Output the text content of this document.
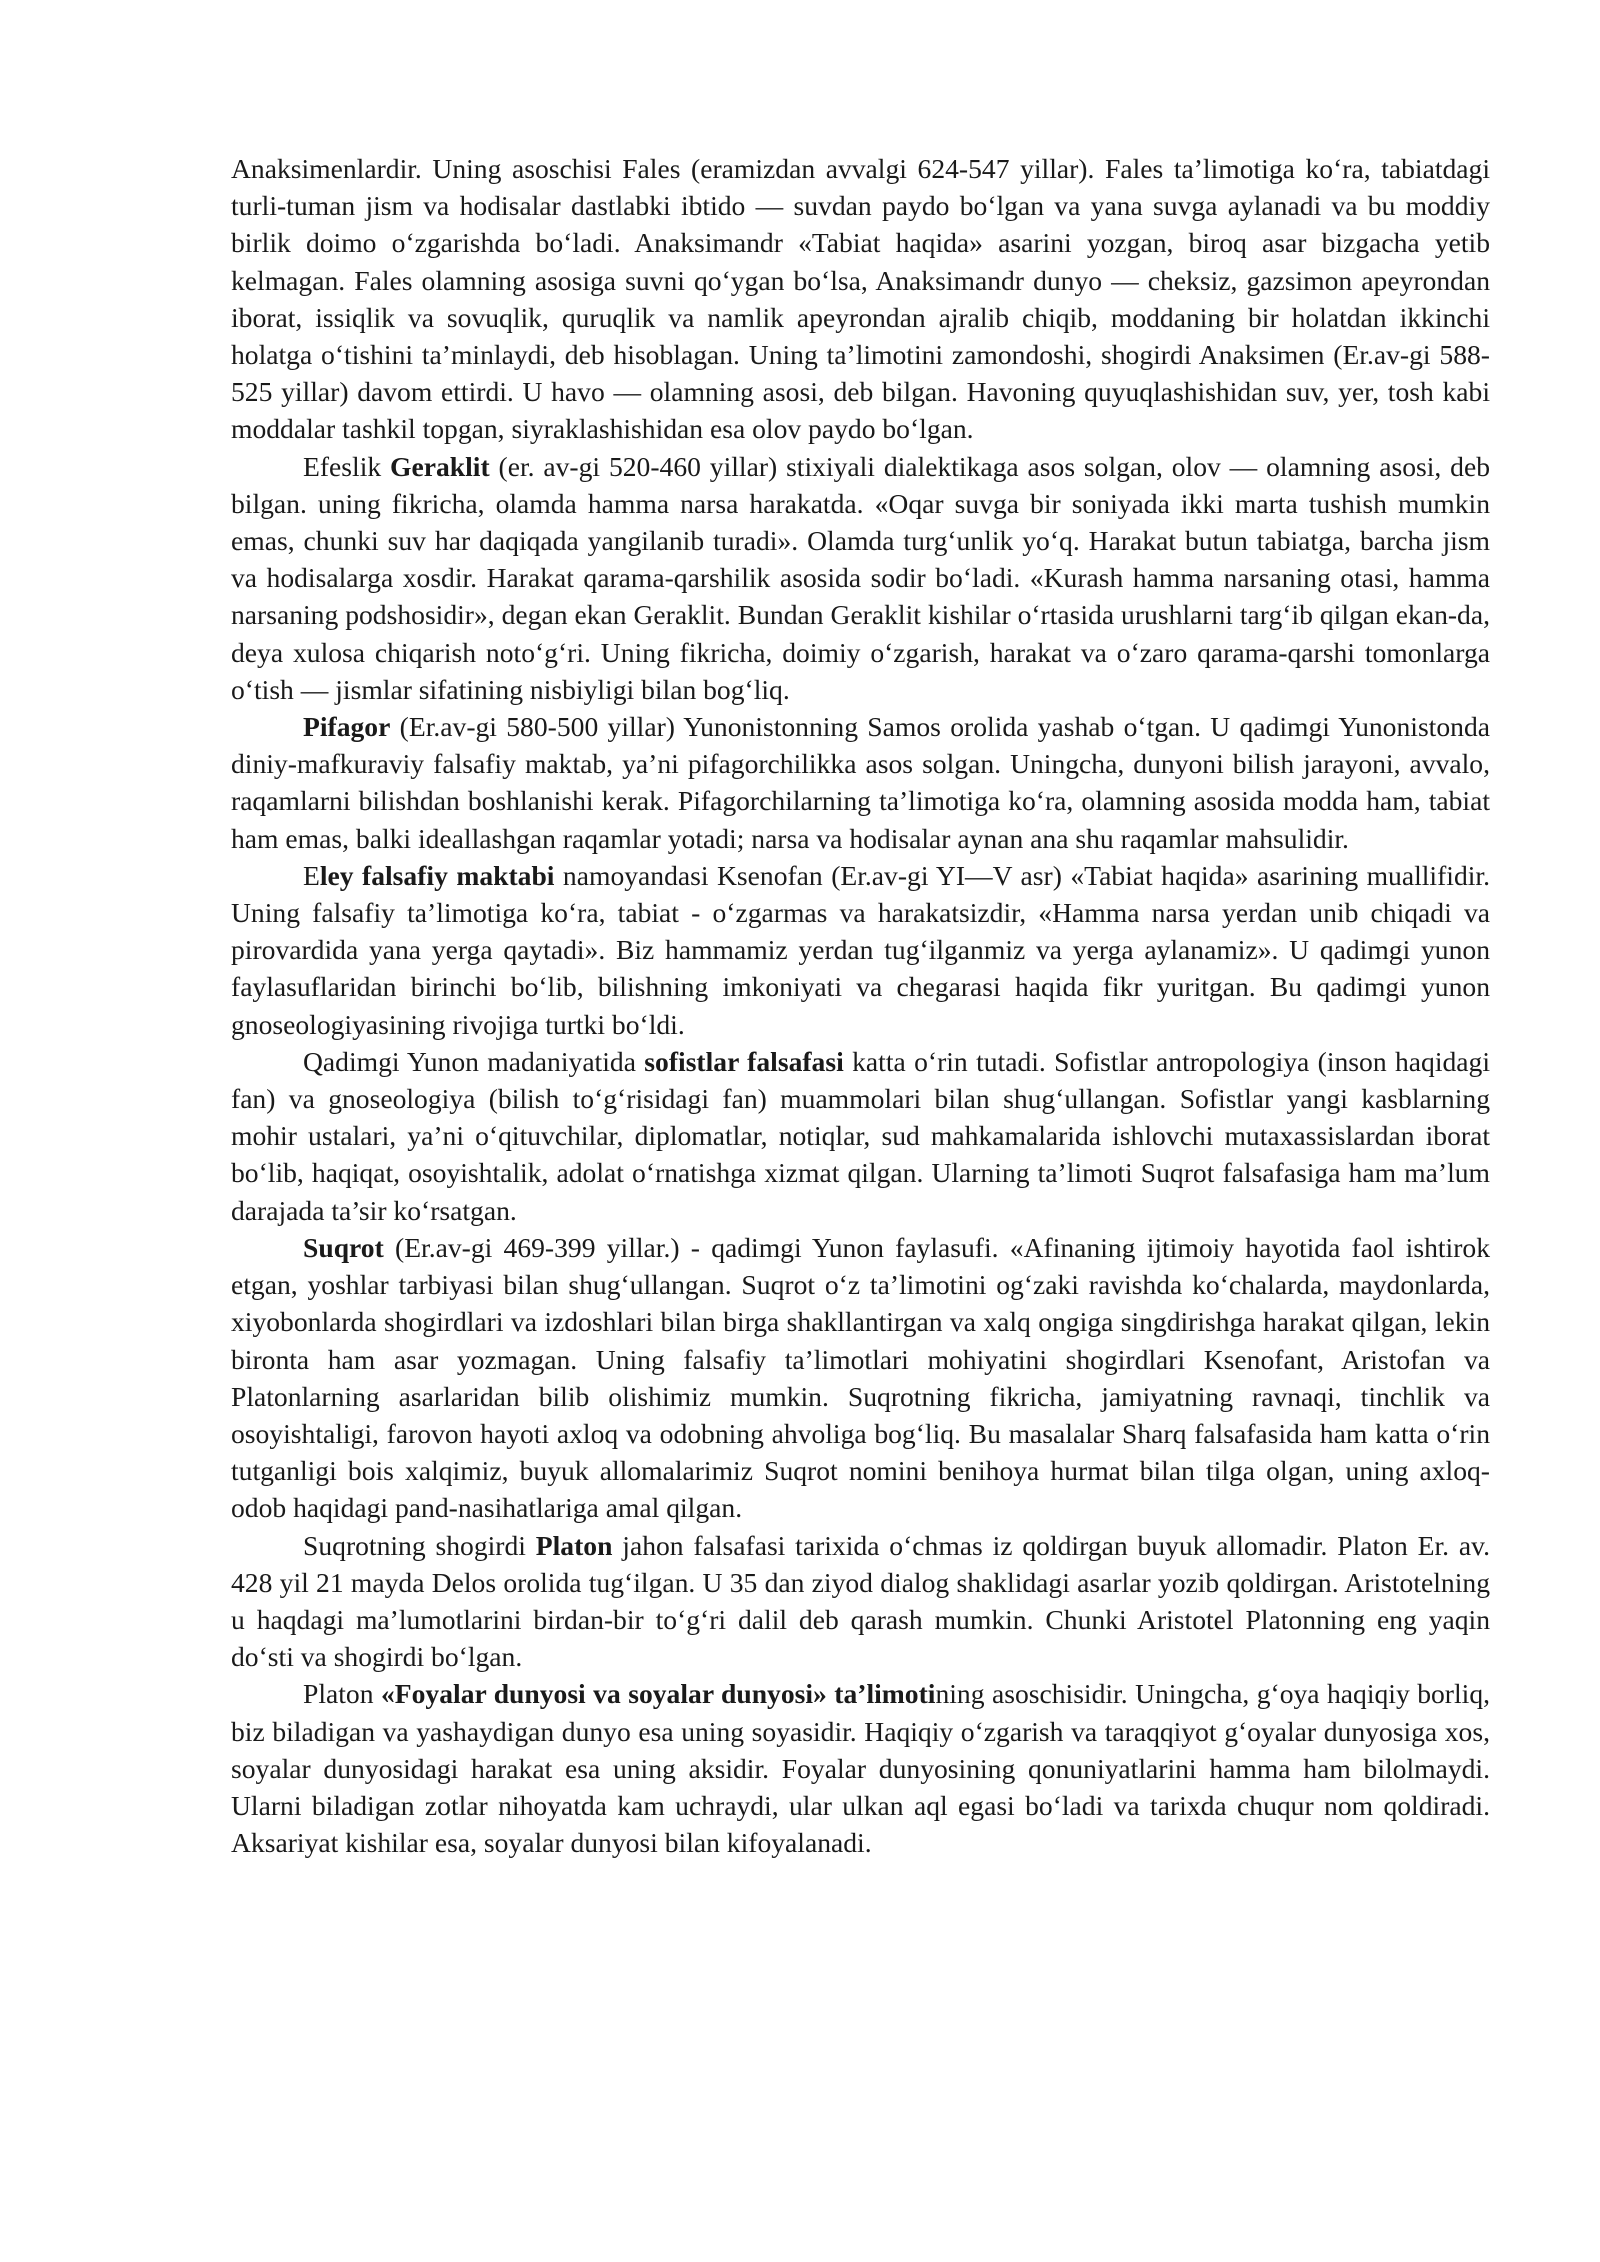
Anaksimenlardir. Uning asoschisi Fales (eramizdan avvalgi 624-547 yillar). Fales ta’limotiga ko‘ra, tabiatdagi turli-tuman jism va hodisalar dastlabki ibtido — suvdan paydo bo‘lgan va yana suvga aylanadi va bu moddiy birlik doimo o‘zgarishda bo‘ladi. Anaksimandr «Tabiat haqida» asarini yozgan, biroq asar bizgacha yetib kelmagan. Fales olamning asosiga suvni qo‘ygan bo‘lsa, Anaksimandr dunyo — cheksiz, gazsimon apeyrondan iborat, issiqlik va sovuqlik, quruqlik va namlik apeyrondan ajralib chiqib, moddaning bir holatdan ikkinchi holatga o‘tishini ta’minlaydi, deb hisoblagan. Uning ta’limotini zamondoshi, shogirdi Anaksimen (Er.av-gi 588-525 yillar) davom ettirdi. U havo — olamning asosi, deb bilgan. Havoning quyuqlashishidan suv, yer, tosh kabi moddalar tashkil topgan, siyraklashishidan esa olov paydo bo‘lgan.

Efeslik Geraklit (er. av-gi 520-460 yillar) stixiyali dialektikaga asos solgan, olov — olamning asosi, deb bilgan. uning fikricha, olamda hamma narsa harakatda. «Oqar suvga bir soniyada ikki marta tushish mumkin emas, chunki suv har daqiqada yangilanib turadi». Olamda turg‘unlik yo‘q. Harakat butun tabiatga, barcha jism va hodisalarga xosdir. Harakat qarama-qarshilik asosida sodir bo‘ladi. «Kurash hamma narsaning otasi, hamma narsaning podshosidir», degan ekan Geraklit. Bundan Geraklit kishilar o‘rtasida urushlarni targ‘ib qilgan ekan-da, deya xulosa chiqarish noto‘g‘ri. Uning fikricha, doimiy o‘zgarish, harakat va o‘zaro qarama-qarshi tomonlarga o‘tish — jismlar sifatining nisbiyligi bilan bog‘liq.

Pifagor (Er.av-gi 580-500 yillar) Yunonistonning Samos orolida yashab o‘tgan. U qadimgi Yunonistonda diniy-mafkuraviy falsafiy maktab, ya’ni pifagorchilikka asos solgan. Uningcha, dunyoni bilish jarayoni, avvalo, raqamlarni bilishdan boshlanishi kerak. Pifagorchilarning ta’limotiga ko‘ra, olamning asosida modda ham, tabiat ham emas, balki ideallashgan raqamlar yotadi; narsa va hodisalar aynan ana shu raqamlar mahsulidir.

Eley falsafiy maktabi namoyandasi Ksenofan (Er.av-gi YI—V asr) «Tabiat haqida» asarining muallifidir. Uning falsafiy ta’limotiga ko‘ra, tabiat - o‘zgarmas va harakatsizdir, «Hamma narsa yerdan unib chiqadi va pirovardida yana yerga qaytadi». Biz hammamiz yerdan tug‘ilganmiz va yerga aylanamiz». U qadimgi yunon faylasuflaridan birinchi bo‘lib, bilishning imkoniyati va chegarasi haqida fikr yuritgan. Bu qadimgi yunon gnoseologiyasining rivojiga turtki bo‘ldi.

Qadimgi Yunon madaniyatida sofistlar falsafasi katta o‘rin tutadi. Sofistlar antropologiya (inson haqidagi fan) va gnoseologiya (bilish to‘g‘risidagi fan) muammolari bilan shug‘ullangan. Sofistlar yangi kasblarning mohir ustalari, ya’ni o‘qituvchilar, diplomatlar, notiqlar, sud mahkamalarida ishlovchi mutaxassislardan iborat bo‘lib, haqiqat, osoyishtalik, adolat o‘rnatishga xizmat qilgan. Ularning ta’limoti Suqrot falsafasiga ham ma’lum darajada ta’sir ko‘rsatgan.

Suqrot (Er.av-gi 469-399 yillar.) - qadimgi Yunon faylasufi. «Afinaning ijtimoiy hayotida faol ishtirok etgan, yoshlar tarbiyasi bilan shug‘ullangan. Suqrot o‘z ta’limotini og‘zaki ravishda ko‘chalarda, maydonlarda, xiyobonlarda shogirdlari va izdoshlari bilan birga shakllantirgan va xalq ongiga singdirishga harakat qilgan, lekin bironta ham asar yozmagan. Uning falsafiy ta’limotlari mohiyatini shogirdlari Ksenofant, Aristofan va Platonlarning asarlaridan bilib olishimiz mumkin. Suqrotning fikricha, jamiyatning ravnaqi, tinchlik va osoyishtaligi, farovon hayoti axloq va odobning ahvoliga bog‘liq. Bu masalalar Sharq falsafasida ham katta o‘rin tutganligi bois xalqimiz, buyuk allomalarimiz Suqrot nomini benihoya hurmat bilan tilga olgan, uning axloq-odob haqidagi pand-nasihatlariga amal qilgan.

Suqrotning shogirdi Platon jahon falsafasi tarixida o‘chmas iz qoldirgan buyuk allomadir. Platon Er. av. 428 yil 21 mayda Delos orolida tug‘ilgan. U 35 dan ziyod dialog shaklidagi asarlar yozib qoldirgan. Aristotelning u haqdagi ma’lumotlarini birdan-bir to‘g‘ri dalil deb qarash mumkin. Chunki Aristotel Platonning eng yaqin do‘sti va shogirdi bo‘lgan.

Platon «Foyalar dunyosi va soyalar dunyosi» ta’limotining asoschisidir. Uningcha, g‘oya haqiqiy borliq, biz biladigan va yashaydigan dunyo esa uning soyasidir. Haqiqiy o‘zgarish va taraqqiyot g‘oyalar dunyosiga xos, soyalar dunyosidagi harakat esa uning aksidir. Foyalar dunyosining qonuniyatlarini hamma ham bilolmaydi. Ularni biladigan zotlar nihoyatda kam uchraydi, ular ulkan aql egasi bo‘ladi va tarixda chuqur nom qoldiradi. Aksariyat kishilar esa, soyalar dunyosi bilan kifoyalanadi.
